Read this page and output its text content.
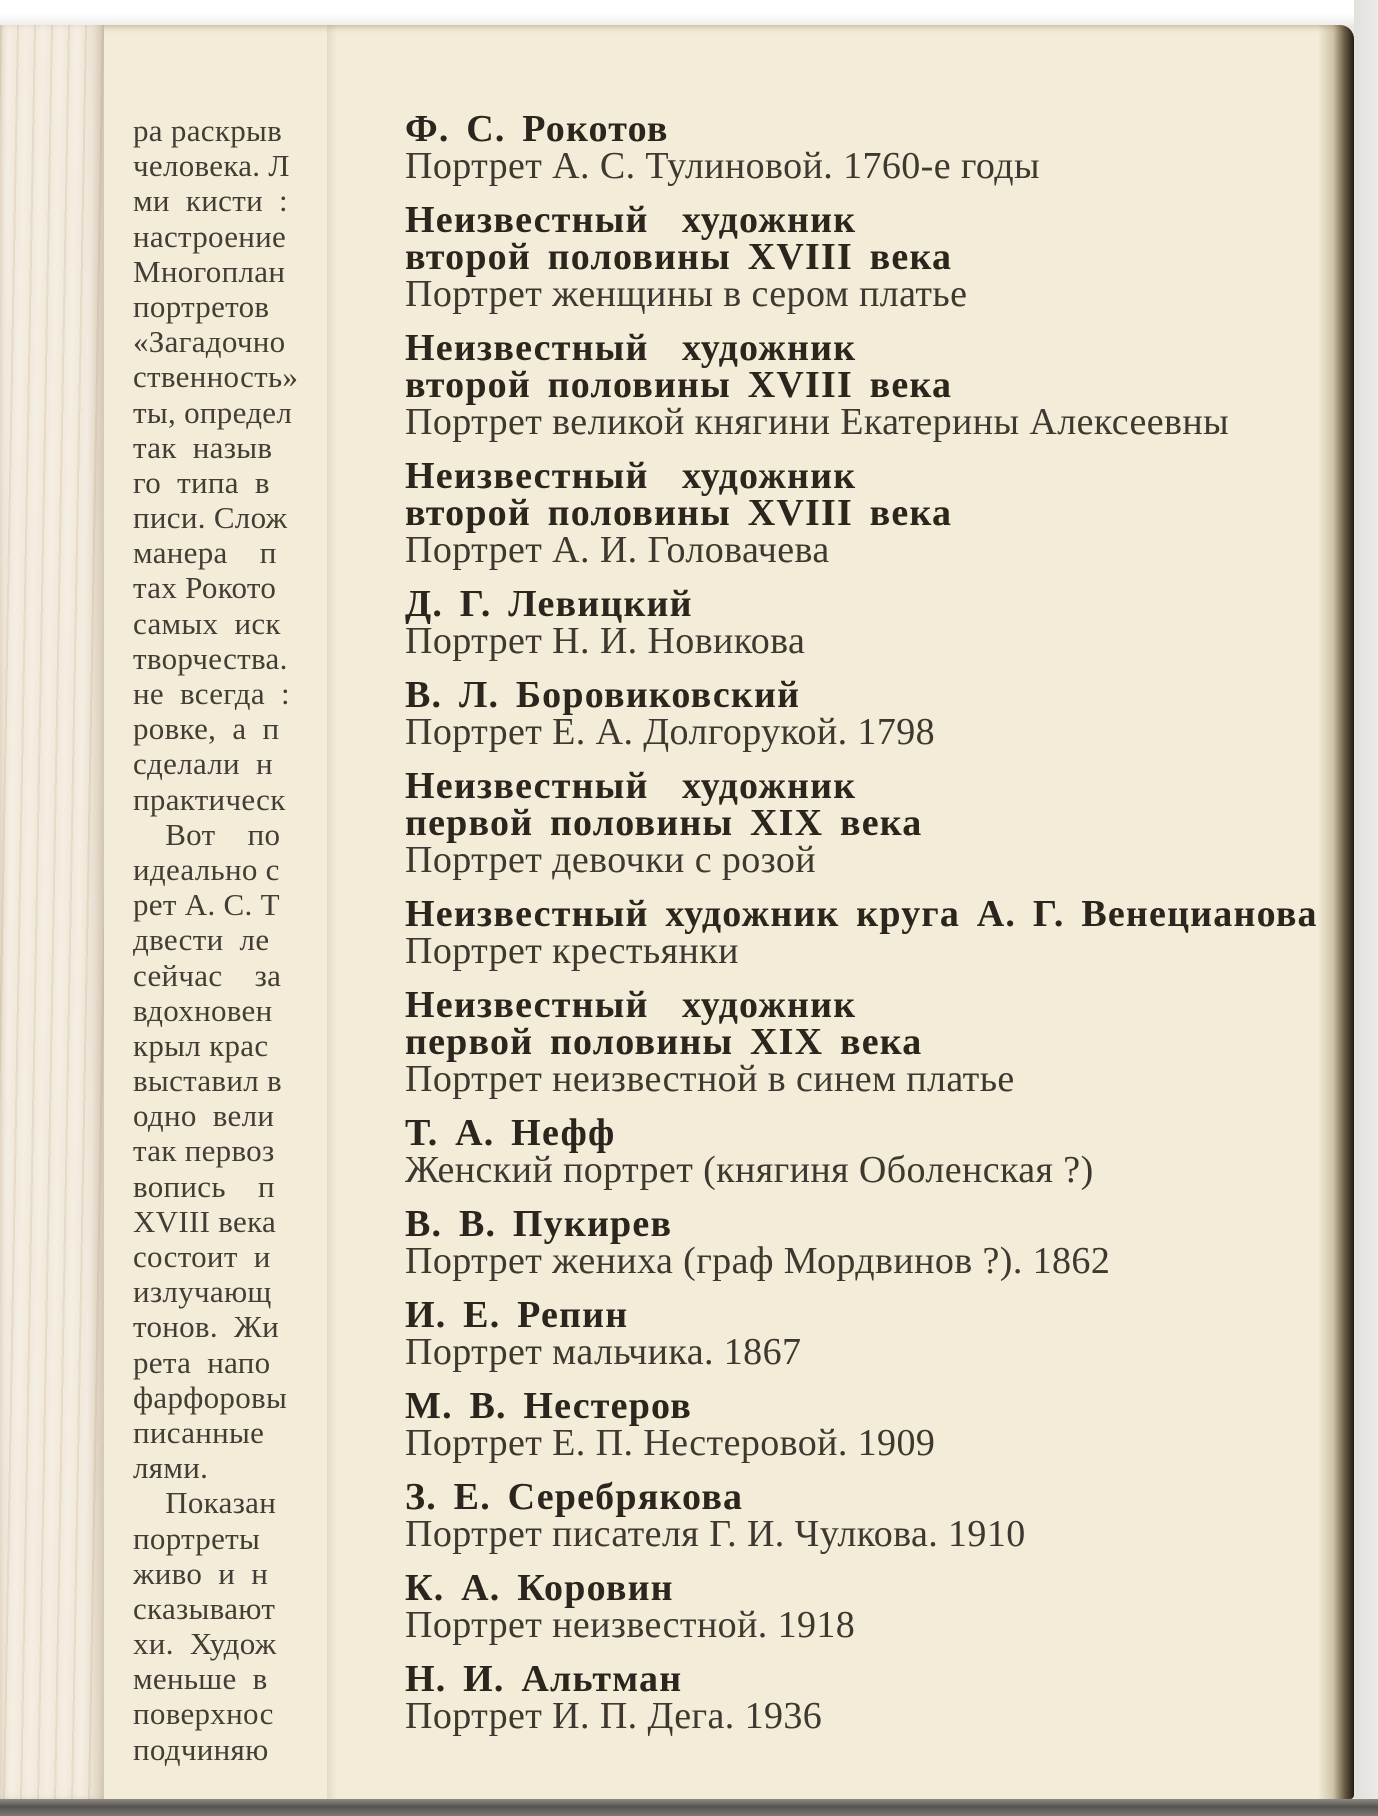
ра раскрыв
человека. Л
ми  кисти  :
настроение
Многоплан
портретов
«Загадочно
ственность»
ты, определ
так  назыв
го  типа  в
писи. Слож
манера    п
тах Рокото
самых  иск
творчества.
не  всегда  :
ровке,  а  п
сделали  н
практическ
Вот    по
идеально с
рет А. С. Т
двести  ле
сейчас    за
вдохновен
крыл крас
выставил в
одно  вели
так первоз
вопись    п
XVIII века
состоит  и
излучающ
тонов.  Жи
рета  напо
фарфоровы
писанные
лями.
Показан
портреты
живо  и  н
сказывают
хи.  Худож
меньше  в
поверхнос
подчиняю
Ф. С. Рокотов
Портрет А. С. Тулиновой. 1760-е годы
Неизвестный  художник
второй половины XVIII века
Портрет женщины в сером платье
Неизвестный  художник
второй половины XVIII века
Портрет великой княгини Екатерины Алексеевны
Неизвестный  художник
второй половины XVIII века
Портрет А. И. Головачева
Д. Г. Левицкий
Портрет Н. И. Новикова
В. Л. Боровиковский
Портрет Е. А. Долгорукой. 1798
Неизвестный  художник
первой половины XIX века
Портрет девочки с розой
Неизвестный художник круга А. Г. Венецианова
Портрет крестьянки
Неизвестный  художник
первой половины XIX века
Портрет неизвестной в синем платье
Т. А. Нефф
Женский портрет (княгиня Оболенская ?)
В. В. Пукирев
Портрет жениха (граф Мордвинов ?). 1862
И. Е. Репин
Портрет мальчика. 1867
М. В. Нестеров
Портрет Е. П. Нестеровой. 1909
З. Е. Серебрякова
Портрет писателя Г. И. Чулкова. 1910
К. А. Коровин
Портрет неизвестной. 1918
Н. И. Альтман
Портрет И. П. Дега. 1936
